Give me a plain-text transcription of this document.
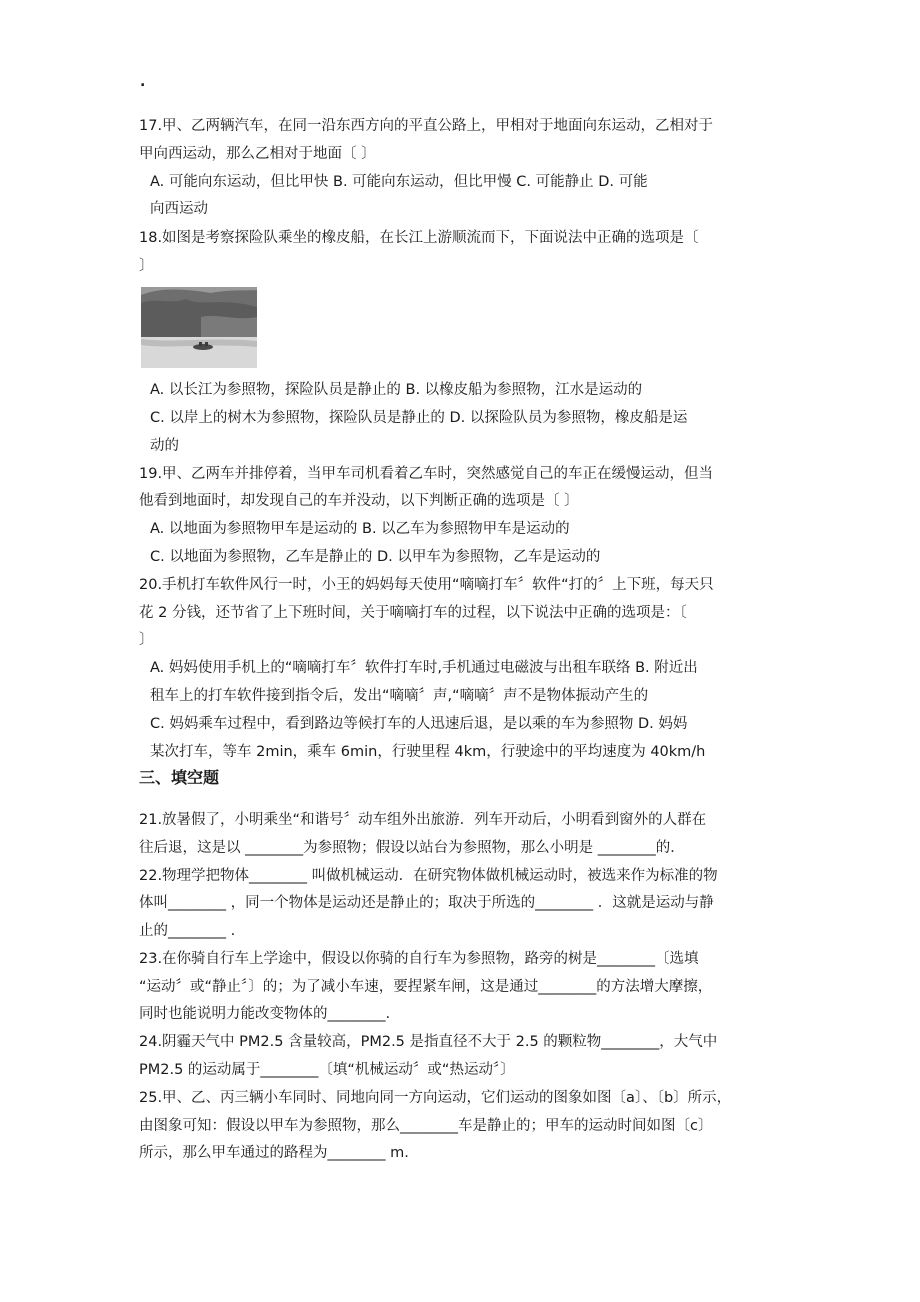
.
17.甲、乙两辆汽车，在同一沿东西方向的平直公路上，甲相对于地面向东运动，乙相对于
甲向西运动，那么乙相对于地面〔 〕
A. 可能向东运动，但比甲快 B. 可能向东运动，但比甲慢 C. 可能静止 D. 可能
向西运动
18.如图是考察探险队乘坐的橡皮船，在长江上游顺流而下，下面说法中正确的选项是〔
〕
A. 以长江为参照物，探险队员是静止的 B. 以橡皮船为参照物，江水是运动的
C. 以岸上的树木为参照物，探险队员是静止的 D. 以探险队员为参照物，橡皮船是运
动的
19.甲、乙两车并排停着，当甲车司机看着乙车时，突然感觉自己的车正在缓慢运动，但当
他看到地面时，却发现自己的车并没动，以下判断正确的选项是〔 〕
A. 以地面为参照物甲车是运动的 B. 以乙车为参照物甲车是运动的
C. 以地面为参照物，乙车是静止的 D. 以甲车为参照物，乙车是运动的
20.手机打车软件风行一时，小王的妈妈每天使用“嘀嘀打车〞软件“打的〞上下班，每天只
花 2 分钱，还节省了上下班时间，关于嘀嘀打车的过程，以下说法中正确的选项是：〔
〕
A. 妈妈使用手机上的“嘀嘀打车〞软件打车时,手机通过电磁波与出租车联络 B. 附近出
租车上的打车软件接到指令后，发出“嘀嘀〞声,“嘀嘀〞声不是物体振动产生的
C. 妈妈乘车过程中，看到路边等候打车的人迅速后退，是以乘的车为参照物 D. 妈妈
某次打车，等车 2min，乘车 6min，行驶里程 4km，行驶途中的平均速度为 40km/h
三、填空题
21.放暑假了，小明乘坐“和谐号〞动车组外出旅游．列车开动后，小明看到窗外的人群在
往后退，这是以 ________为参照物；假设以站台为参照物，那么小明是 ________的．
22.物理学把物体________ 叫做机械运动．在研究物体做机械运动时，被选来作为标准的物
体叫________ ，同一个物体是运动还是静止的；取决于所选的________ ．这就是运动与静
止的________ .
23.在你骑自行车上学途中，假设以你骑的自行车为参照物，路旁的树是________〔选填
“运动〞或“静止〞〕的；为了减小车速，要捏紧车闸，这是通过________的方法增大摩擦，
同时也能说明力能改变物体的________.
24.阴霾天气中 PM2.5 含量较高，PM2.5 是指直径不大于 2.5 的颗粒物________，大气中
PM2.5 的运动属于________〔填“机械运动〞或“热运动〞〕
25.甲、乙、丙三辆小车同时、同地向同一方向运动，它们运动的图象如图〔a〕、〔b〕所示，
由图象可知：假设以甲车为参照物，那么________车是静止的；甲车的运动时间如图〔c〕
所示，那么甲车通过的路程为________ m.
